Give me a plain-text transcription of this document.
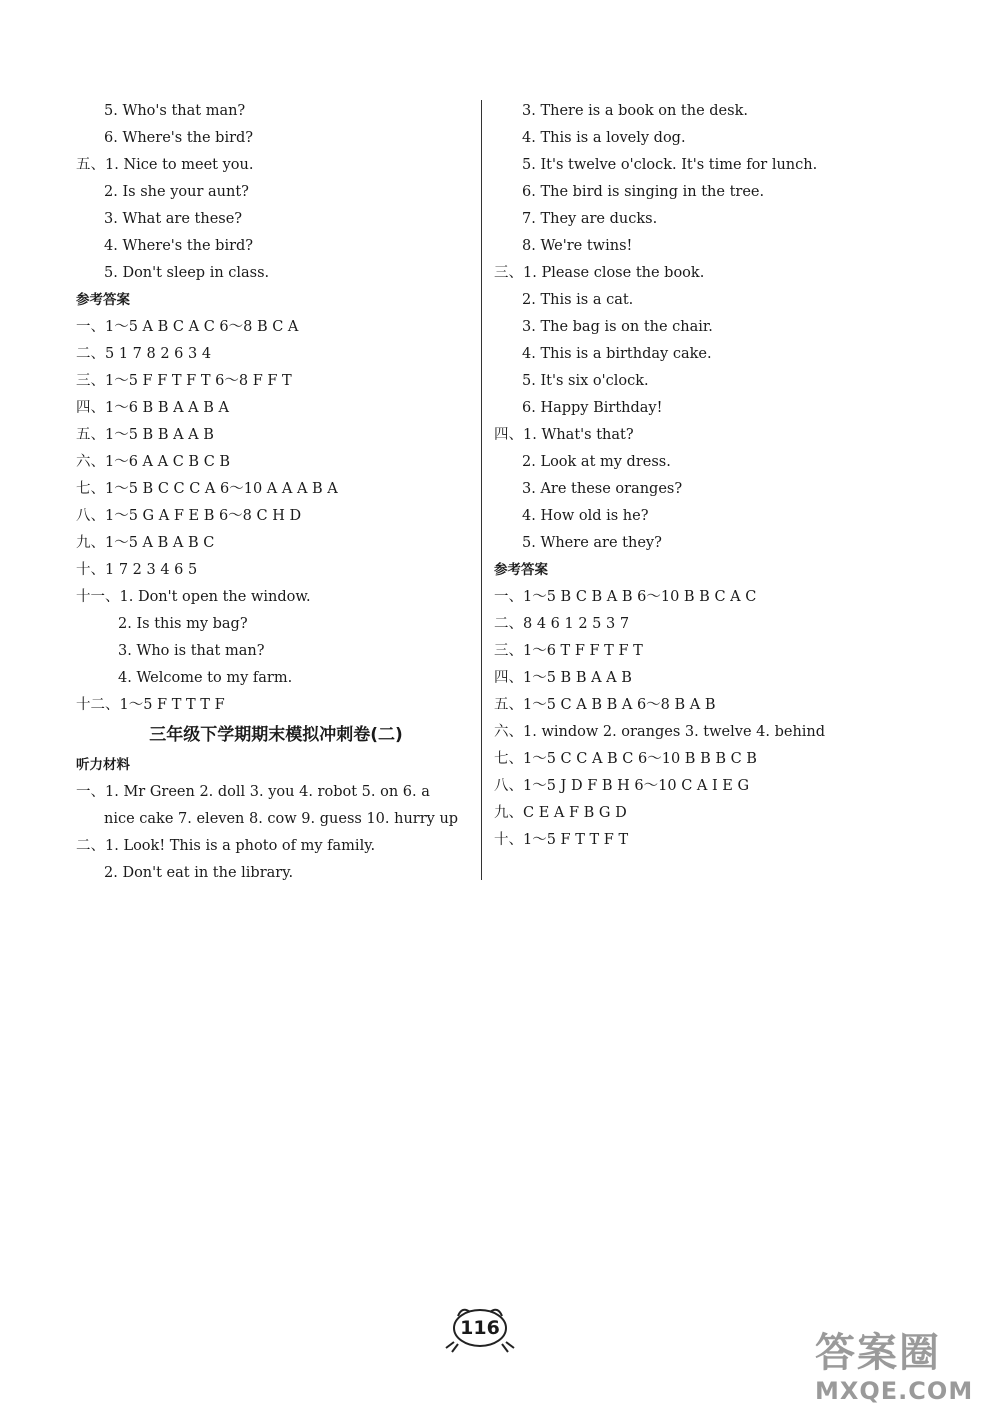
5. Who's that man?
6. Where's the bird?
五、1. Nice to meet you.
2. Is she your aunt?
3. What are these?
4. Where's the bird?
5. Don't sleep in class.
参考答案
一、1～5 A B C A C 6～8 B C A
二、5 1 7 8 2 6 3 4
三、1～5 F F T F T 6～8 F F T
四、1～6 B B A A B A
五、1～5 B B A A B
六、1～6 A A C B C B
七、1～5 B C C C A 6～10 A A A B A
八、1～5 G A F E B 6～8 C H D
九、1～5 A B A B C
十、1 7 2 3 4 6 5
十一、1. Don't open the window.
2. Is this my bag?
3. Who is that man?
4. Welcome to my farm.
十二、1～5 F T T T F
三年级下学期期末模拟冲刺卷(二)
听力材料
一、1. Mr Green 2. doll 3. you 4. robot 5. on 6. a
nice cake 7. eleven 8. cow 9. guess 10. hurry up
二、1. Look! This is a photo of my family.
2. Don't eat in the library.
3. There is a book on the desk.
4. This is a lovely dog.
5. It's twelve o'clock. It's time for lunch.
6. The bird is singing in the tree.
7. They are ducks.
8. We're twins!
三、1. Please close the book.
2. This is a cat.
3. The bag is on the chair.
4. This is a birthday cake.
5. It's six o'clock.
6. Happy Birthday!
四、1. What's that?
2. Look at my dress.
3. Are these oranges?
4. How old is he?
5. Where are they?
参考答案
一、1～5 B C B A B 6～10 B B C A C
二、8 4 6 1 2 5 3 7
三、1～6 T F F T F T
四、1～5 B B A A B
五、1～5 C A B B A 6～8 B A B
六、1. window 2. oranges 3. twelve 4. behind
七、1～5 C C A B C 6～10 B B B C B
八、1～5 J D F B H 6～10 C A I E G
九、C E A F B G D
十、1～5 F T T F T
116
答案圈
MXQE.COM
